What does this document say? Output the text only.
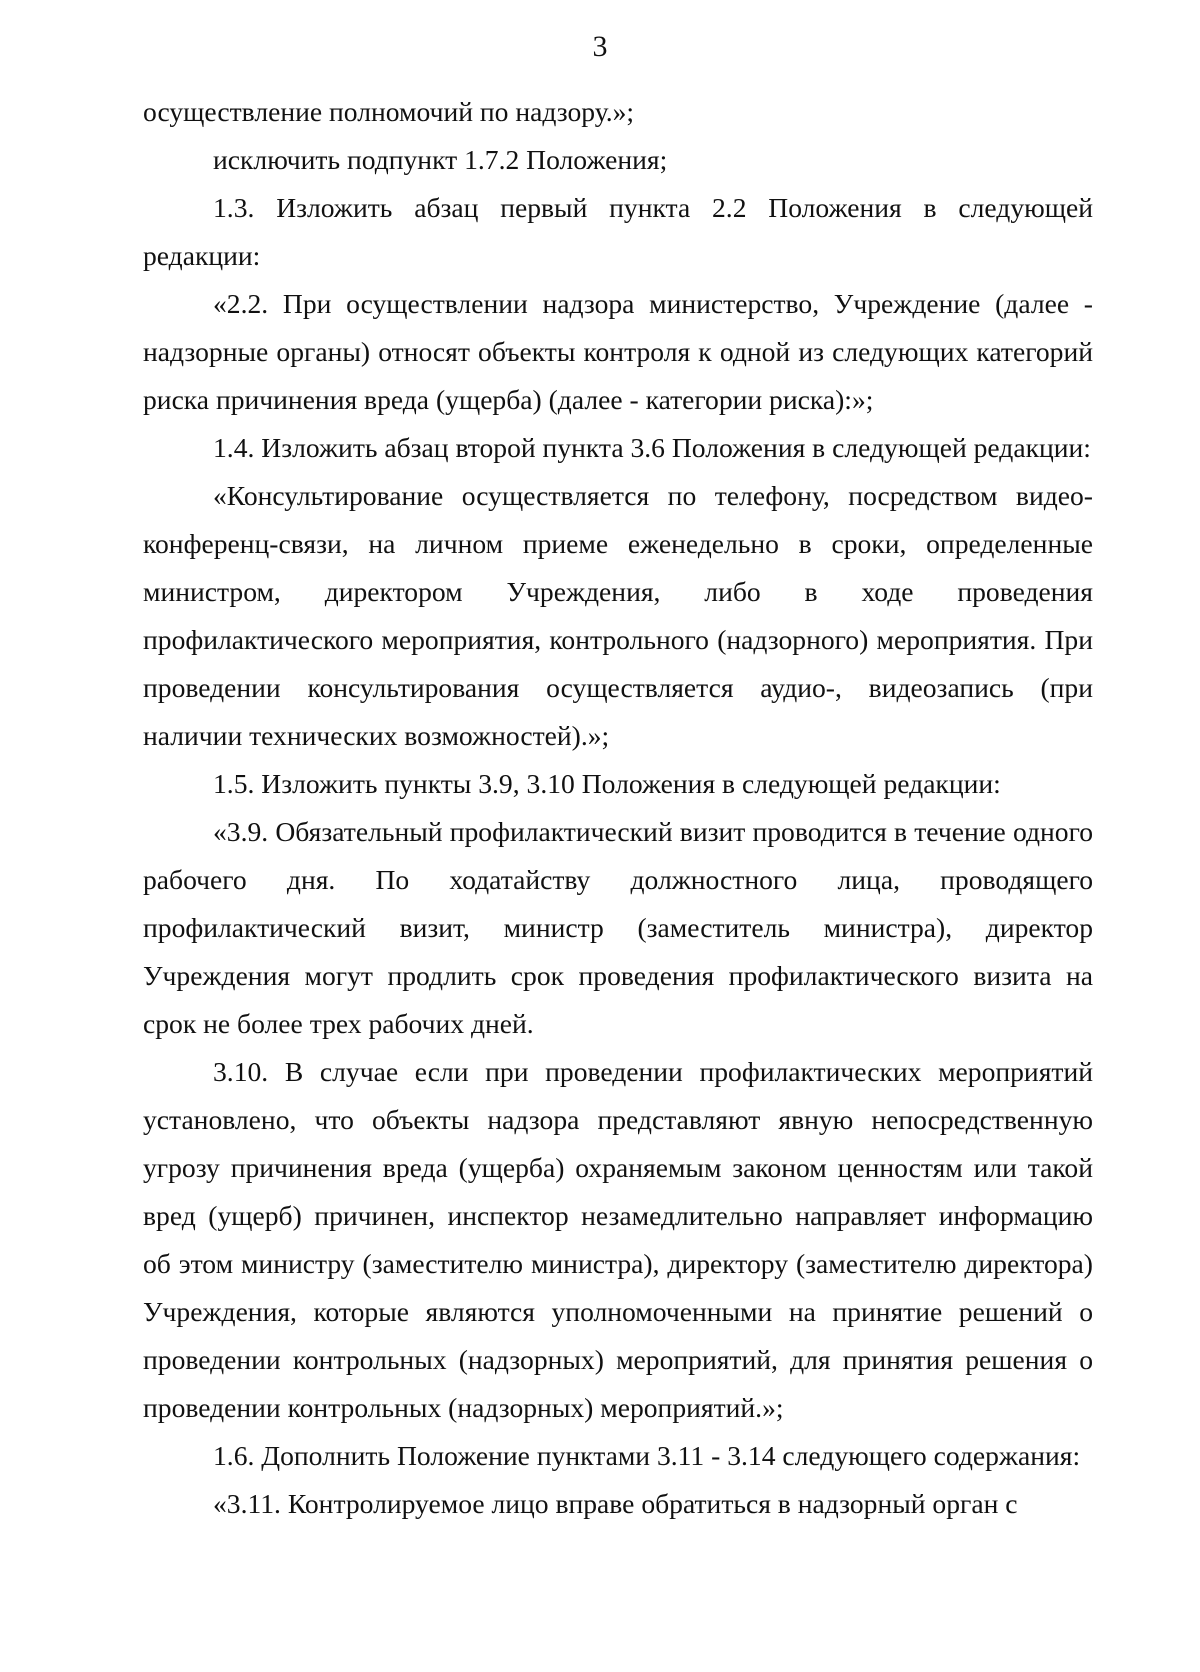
3

осуществление полномочий по надзору.»;

исключить подпункт 1.7.2 Положения;

1.3. Изложить абзац первый пункта 2.2 Положения в следующей редакции:

«2.2. При осуществлении надзора министерство, Учреждение (далее - надзорные органы) относят объекты контроля к одной из следующих категорий риска причинения вреда (ущерба) (далее - категории риска):»;

1.4. Изложить абзац второй пункта 3.6 Положения в следующей редакции:

«Консультирование осуществляется по телефону, посредством видео-конференц-связи, на личном приеме еженедельно в сроки, определенные министром, директором Учреждения, либо в ходе проведения профилактического мероприятия, контрольного (надзорного) мероприятия. При проведении консультирования осуществляется аудио-, видеозапись (при наличии технических возможностей).»;

1.5. Изложить пункты 3.9, 3.10 Положения в следующей редакции:

«3.9. Обязательный профилактический визит проводится в течение одного рабочего дня. По ходатайству должностного лица, проводящего профилактический визит, министр (заместитель министра), директор Учреждения могут продлить срок проведения профилактического визита на срок не более трех рабочих дней.

3.10. В случае если при проведении профилактических мероприятий установлено, что объекты надзора представляют явную непосредственную угрозу причинения вреда (ущерба) охраняемым законом ценностям или такой вред (ущерб) причинен, инспектор незамедлительно направляет информацию об этом министру (заместителю министра), директору (заместителю директора) Учреждения, которые являются уполномоченными на принятие решений о проведении контрольных (надзорных) мероприятий, для принятия решения о проведении контрольных (надзорных) мероприятий.»;

1.6. Дополнить Положение пунктами 3.11 - 3.14 следующего содержания:

«3.11. Контролируемое лицо вправе обратиться в надзорный орган с
